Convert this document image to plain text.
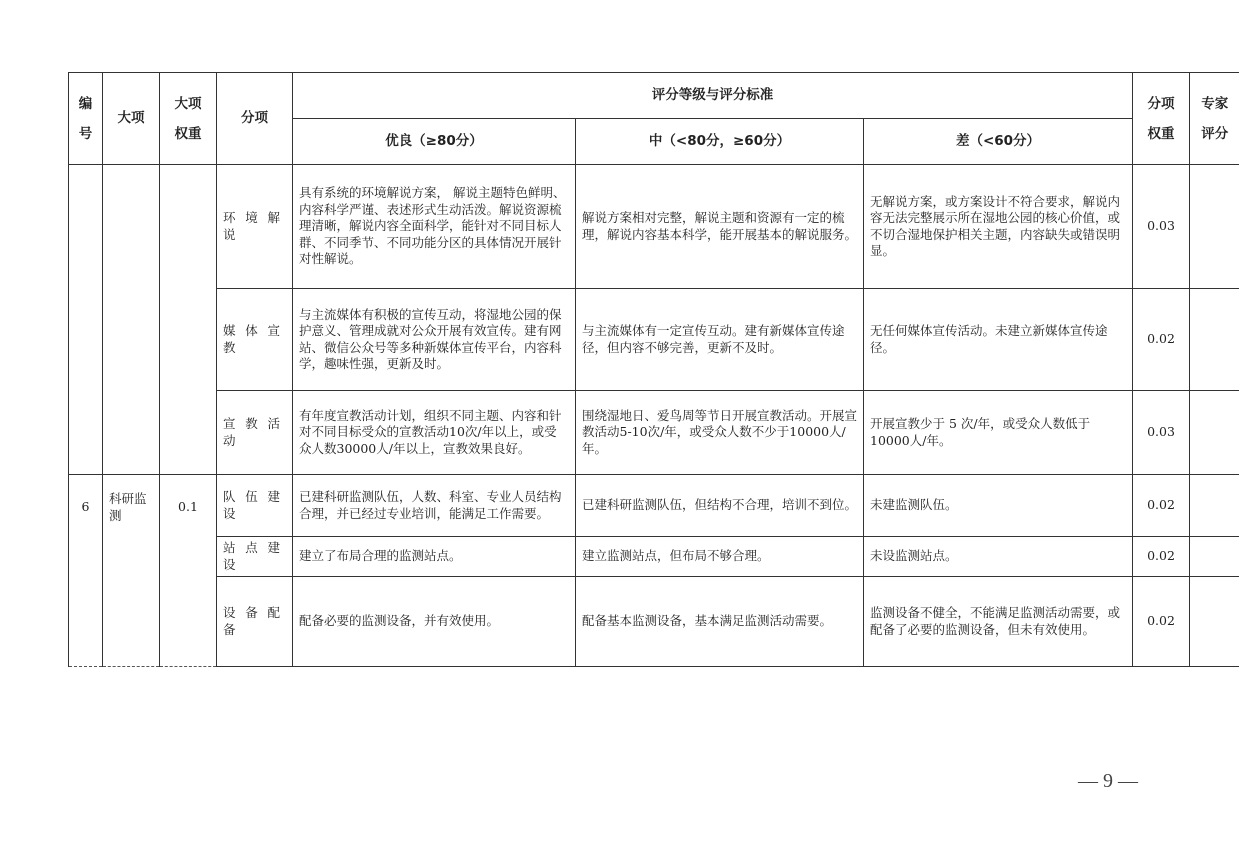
编号	大项	大项权重	分项	评分等级与评分标准			分项权重	专家评分
				优良（≥80分）	中（<80分，≥60分）	差（<60分）		
			环境解说	具有系统的环境解说方案， 解说主题特色鲜明、内容科学严谨、表述形式生动活泼。解说资源梳理清晰，解说内容全面科学，能针对不同目标人群、不同季节、不同功能分区的具体情况开展针对性解说。	解说方案相对完整，解说主题和资源有一定的梳理，解说内容基本科学，能开展基本的解说服务。	无解说方案，或方案设计不符合要求，解说内容无法完整展示所在湿地公园的核心价值，或不切合湿地保护相关主题，内容缺失或错误明显。	0.03	
			媒体宣教	与主流媒体有积极的宣传互动，将湿地公园的保护意义、管理成就对公众开展有效宣传。建有网站、微信公众号等多种新媒体宣传平台，内容科学，趣味性强，更新及时。	与主流媒体有一定宣传互动。建有新媒体宣传途径，但内容不够完善，更新不及时。	无任何媒体宣传活动。未建立新媒体宣传途径。	0.02	
			宣教活动	有年度宣教活动计划，组织不同主题、内容和针对不同目标受众的宣教活动10次/年以上，或受众人数30000人/年以上，宣教效果良好。	围绕湿地日、爱鸟周等节日开展宣教活动。开展宣教活动5-10次/年，或受众人数不少于10000人/年。	开展宣教少于 5 次/年，或受众人数低于10000人/年。	0.03	
6	科研监测	0.1	队伍建设	已建科研监测队伍，人数、科室、专业人员结构合理，并已经过专业培训，能满足工作需要。	已建科研监测队伍，但结构不合理，培训不到位。	未建监测队伍。	0.02	
			站点建设	建立了布局合理的监测站点。	建立监测站点，但布局不够合理。	未设监测站点。	0.02	
			设备配备	配备必要的监测设备，并有效使用。	配备基本监测设备，基本满足监测活动需要。	监测设备不健全，不能满足监测活动需要，或配备了必要的监测设备，但未有效使用。	0.02	
— 9 —
